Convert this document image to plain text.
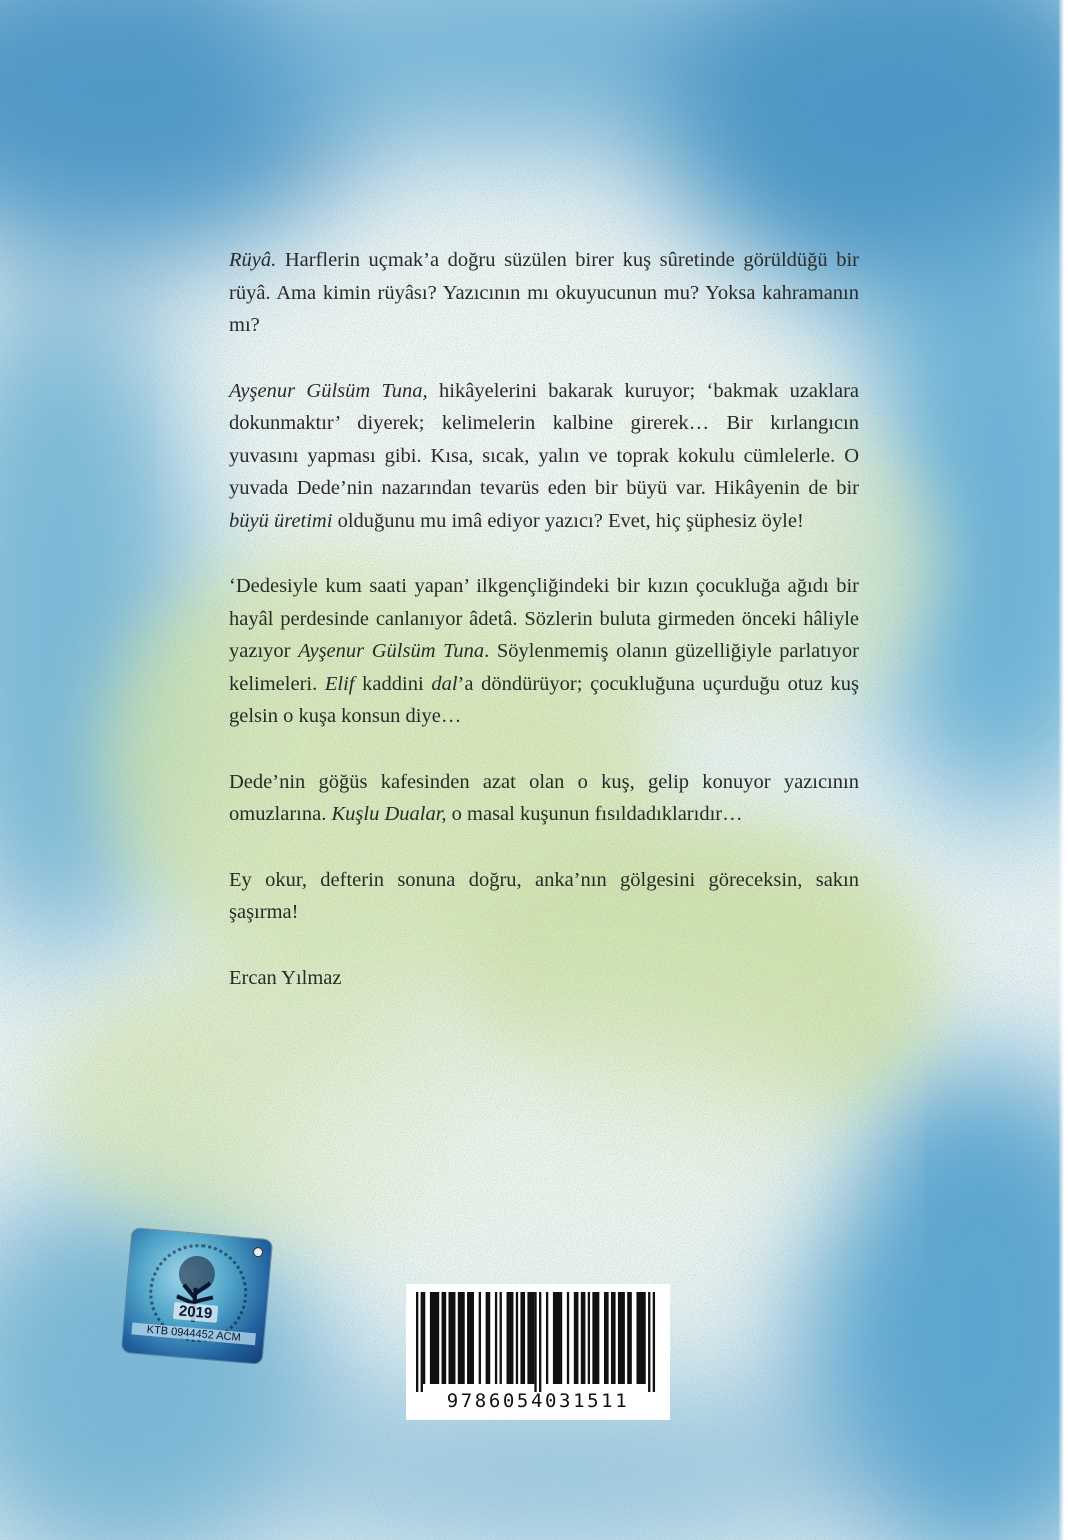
Rüyâ. Harflerin uçmak’a doğru süzülen birer kuş sûretinde görüldüğü bir rüyâ. Ama kimin rüyâsı? Yazıcının mı okuyucunun mu? Yoksa kahramanın mı?

Ayşenur Gülsüm Tuna, hikâyelerini bakarak kuruyor; ‘bakmak uzaklara dokunmaktır’ diyerek; kelimelerin kalbine girerek… Bir kırlangıcın yuvasını yapması gibi. Kısa, sıcak, yalın ve toprak kokulu cümlelerle. O yuvada Dede’nin nazarından tevarüs eden bir büyü var. Hikâyenin de bir büyü üretimi olduğunu mu imâ ediyor yazıcı? Evet, hiç şüphesiz öyle!

‘Dedesiyle kum saati yapan’ ilkgençliğindeki bir kızın çocukluğa ağıdı bir hayâl perdesinde canlanıyor âdetâ. Sözlerin buluta girmeden önceki hâliyle yazıyor Ayşenur Gülsüm Tuna. Söylenmemiş olanın güzelliğiyle parlatıyor kelimeleri. Elif kaddini dal’a döndürüyor; çocukluğuna uçurduğu otuz kuş gelsin o kuşa konsun diye…

Dede’nin göğüs kafesinden azat olan o kuş, gelip konuyor yazıcının omuzlarına. Kuşlu Dualar, o masal kuşunun fısıldadıklarıdır…

Ey okur, defterin sonuna doğru, anka’nın gölgesini göreceksin, sakın şaşırma!

Ercan Yılmaz

2019
KTB 0944452 ACM
9786054031511
